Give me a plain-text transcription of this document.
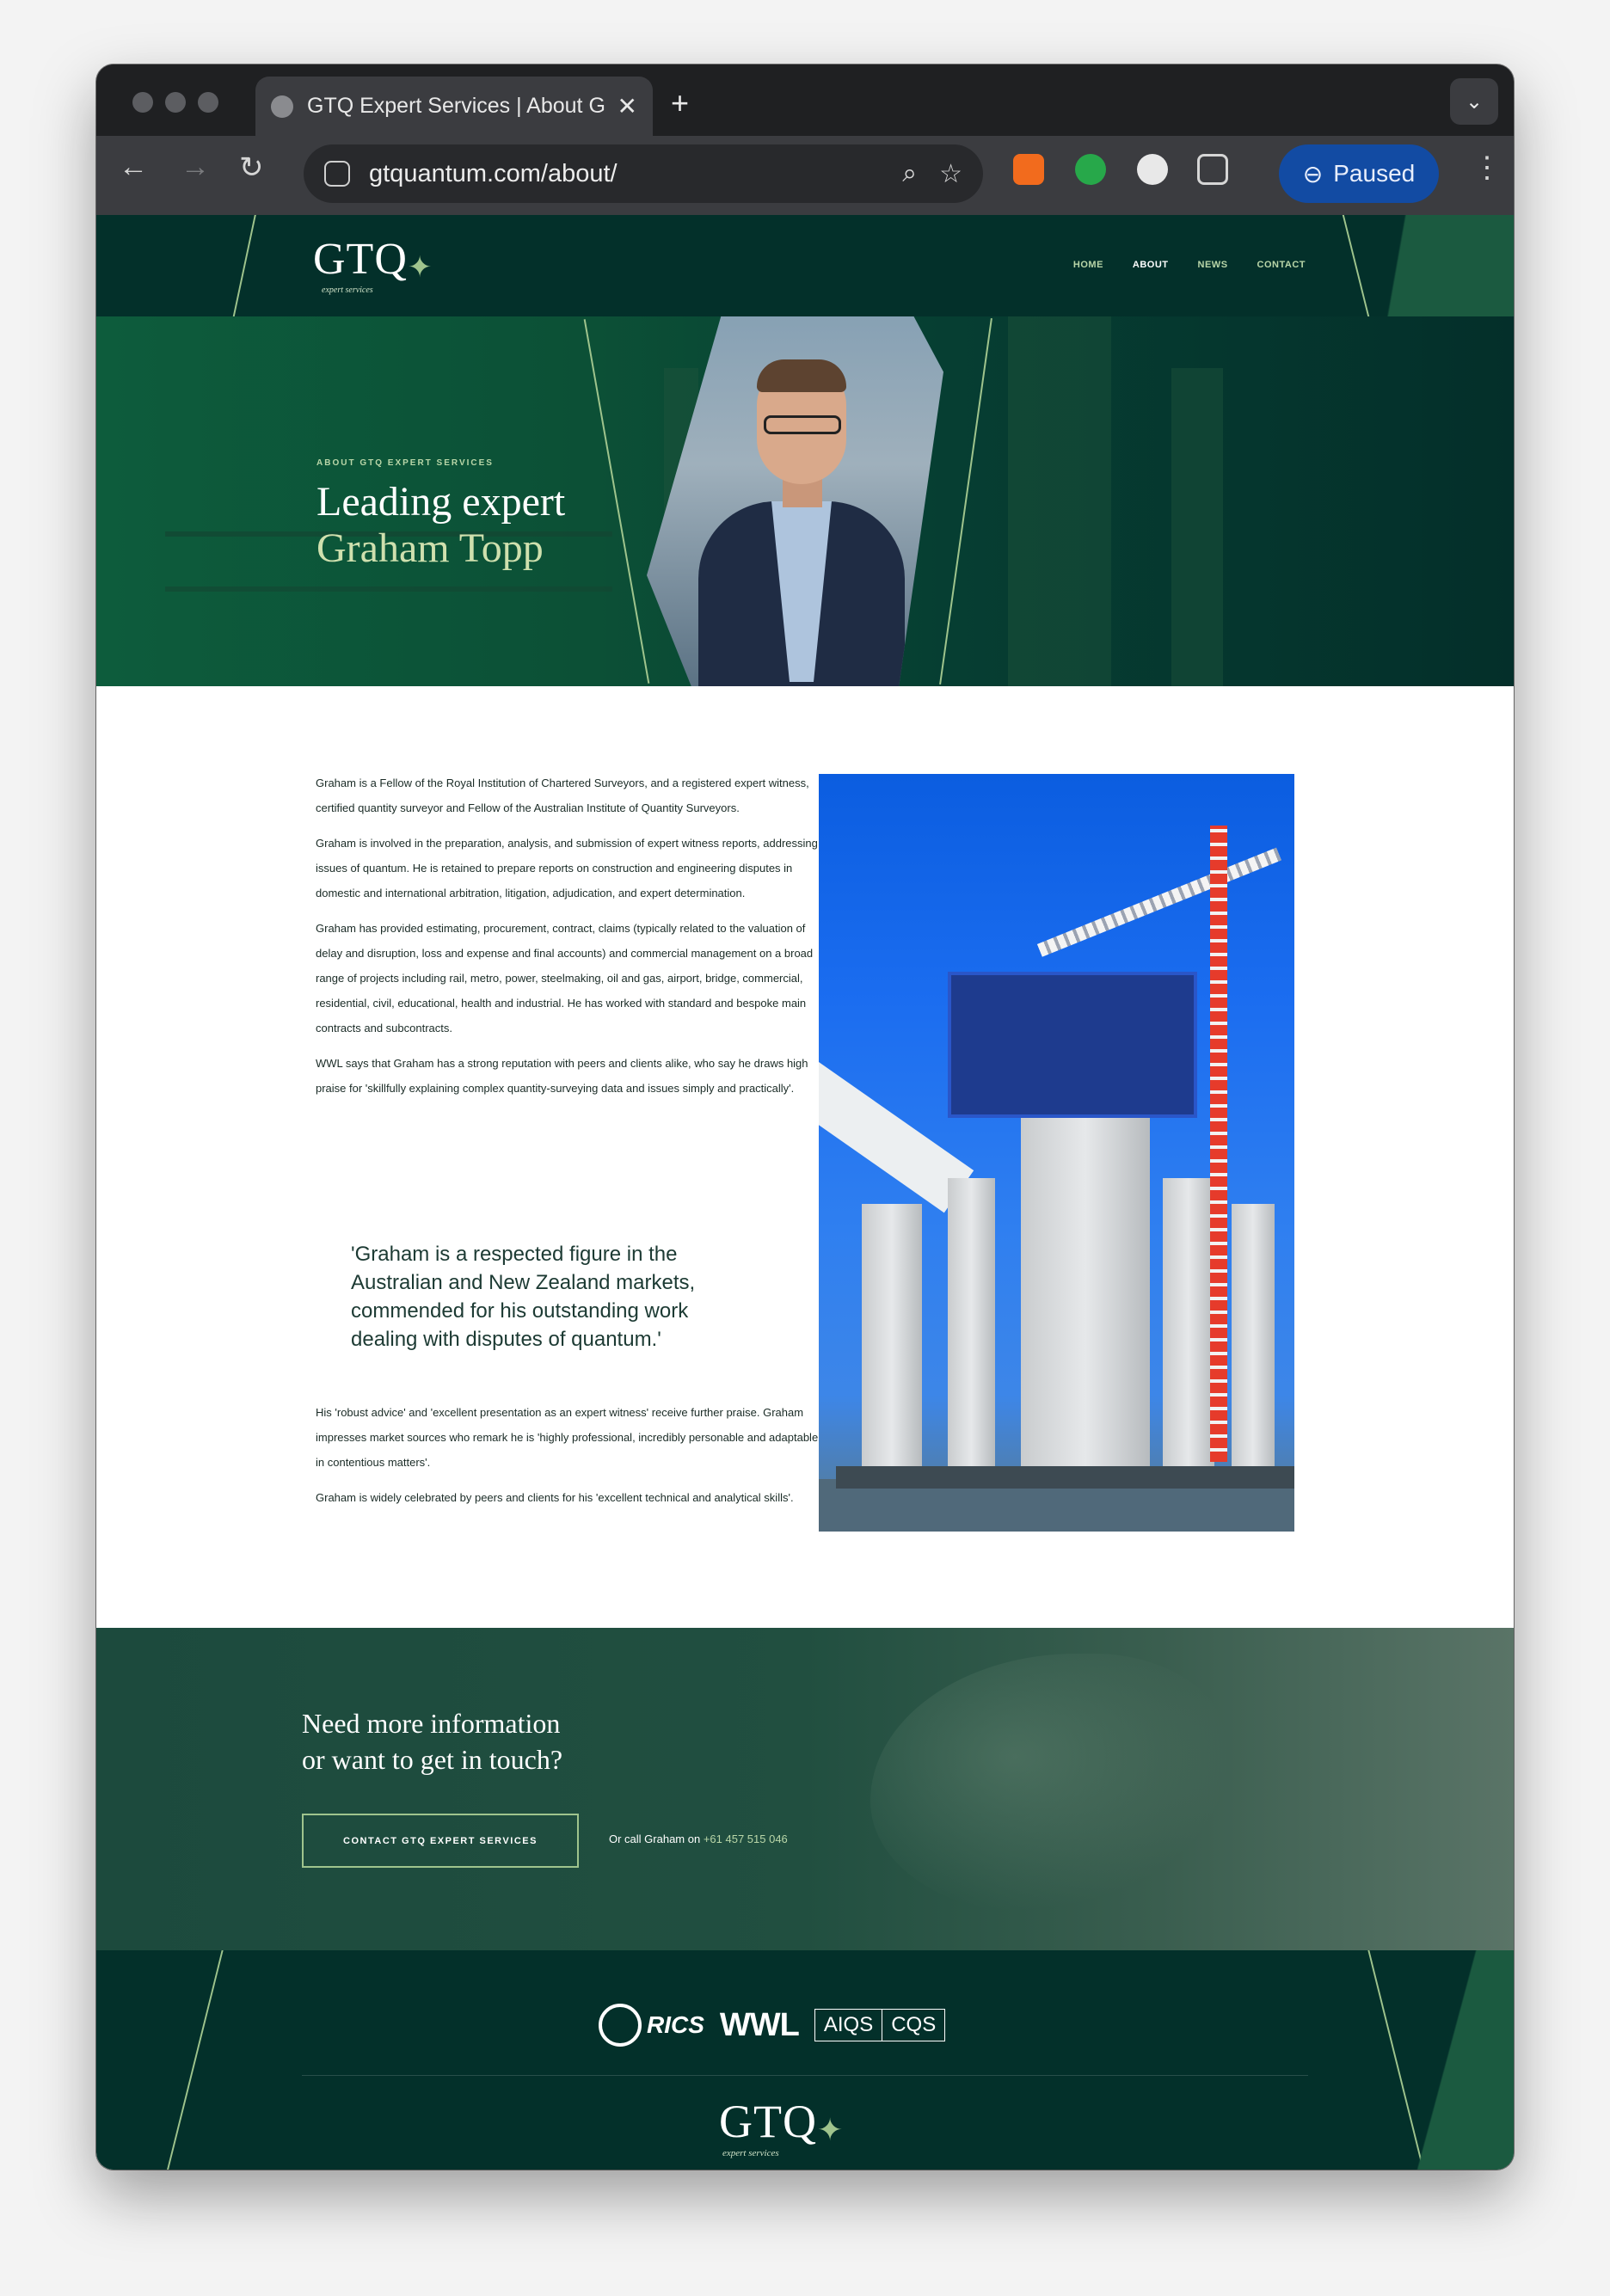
GTQ Expert Services | About G ✕ +	⌄
← → ↻	gtquantum.com/about/	⌕ ☆	⊖ Paused ⋮
GTQ ✦
expert services
HOME	ABOUT	NEWS	CONTACT
ABOUT GTQ EXPERT SERVICES
Leading expert
Graham Topp

Graham is a Fellow of the Royal Institution of Chartered Surveyors, and a registered expert witness, certified quantity surveyor and Fellow of the Australian Institute of Quantity Surveyors.

Graham is involved in the preparation, analysis, and submission of expert witness reports, addressing issues of quantum. He is retained to prepare reports on construction and engineering disputes in domestic and international arbitration, litigation, adjudication, and expert determination.

Graham has provided estimating, procurement, contract, claims (typically related to the valuation of delay and disruption, loss and expense and final accounts) and commercial management on a broad range of projects including rail, metro, power, steelmaking, oil and gas, airport, bridge, commercial, residential, civil, educational, health and industrial. He has worked with standard and bespoke main contracts and subcontracts.

WWL says that Graham has a strong reputation with peers and clients alike, who say he draws high praise for 'skillfully explaining complex quantity-surveying data and issues simply and practically'.

'Graham is a respected figure in the Australian and New Zealand markets, commended for his outstanding work dealing with disputes of quantum.'

His 'robust advice' and 'excellent presentation as an expert witness' receive further praise. Graham impresses market sources who remark he is 'highly professional, incredibly personable and adaptable in contentious matters'.

Graham is widely celebrated by peers and clients for his 'excellent technical and analytical skills'.

Need more information
or want to get in touch?
CONTACT GTQ EXPERT SERVICES	Or call Graham on +61 457 515 046
RICS WWL	AIQS CQS
GTQ ✦
expert services
